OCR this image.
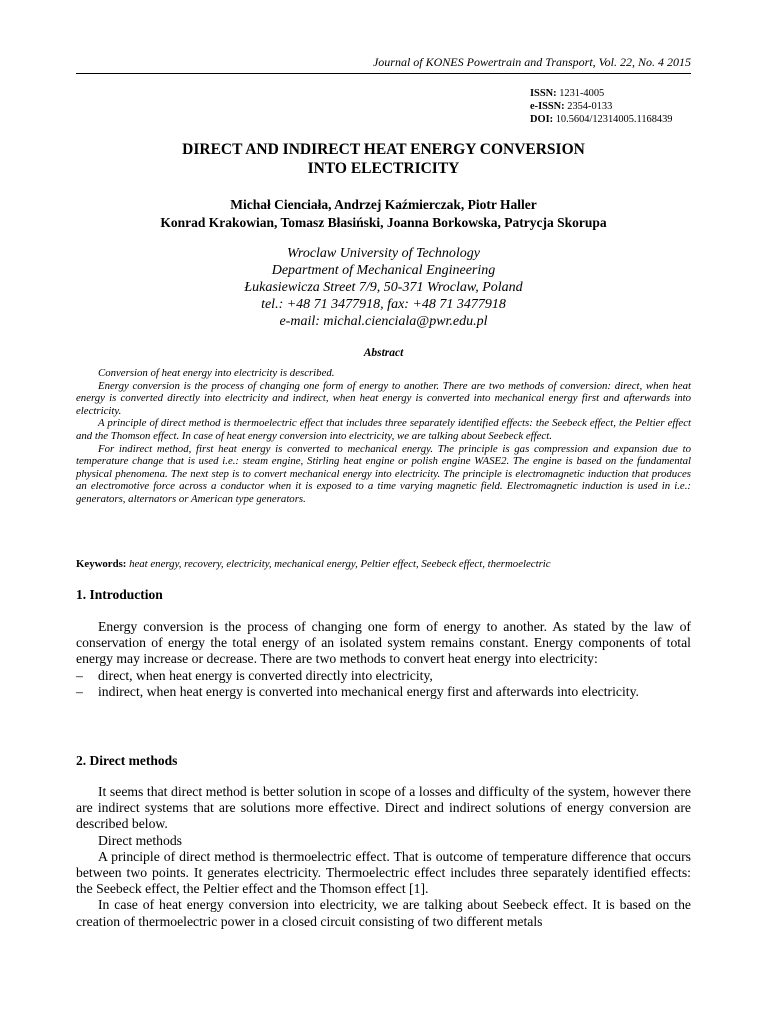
Journal of KONES Powertrain and Transport, Vol. 22, No. 4 2015
ISSN: 1231-4005
e-ISSN: 2354-0133
DOI: 10.5604/12314005.1168439
DIRECT AND INDIRECT HEAT ENERGY CONVERSION
INTO ELECTRICITY
Michał Cienciała, Andrzej Kaźmierczak, Piotr Haller
Konrad Krakowian, Tomasz Błasiński, Joanna Borkowska, Patrycja Skorupa
Wroclaw University of Technology
Department of Mechanical Engineering
Łukasiewicza Street 7/9, 50-371 Wroclaw, Poland
tel.: +48 71 3477918, fax: +48 71 3477918
e-mail: michal.cienciala@pwr.edu.pl
Abstract

Conversion of heat energy into electricity is described.

Energy conversion is the process of changing one form of energy to another. There are two methods of conversion: direct, when heat energy is converted directly into electricity and indirect, when heat energy is converted into mechanical energy first and afterwards into electricity.

A principle of direct method is thermoelectric effect that includes three separately identified effects: the Seebeck effect, the Peltier effect and the Thomson effect. In case of heat energy conversion into electricity, we are talking about Seebeck effect.

For indirect method, first heat energy is converted to mechanical energy. The principle is gas compression and expansion due to temperature change that is used i.e.: steam engine, Stirling heat engine or polish engine WASE2. The engine is based on the fundamental physical phenomena. The next step is to convert mechanical energy into electricity. The principle is electromagnetic induction that produces an electromotive force across a conductor when it is exposed to a time varying magnetic field. Electromagnetic induction is used in i.e.: generators, alternators or American type generators.

Keywords: heat energy, recovery, electricity, mechanical energy, Peltier effect, Seebeck effect, thermoelectric
1. Introduction

Energy conversion is the process of changing one form of energy to another. As stated by the law of conservation of energy the total energy of an isolated system remains constant. Energy components of total energy may increase or decrease. There are two methods to convert heat energy into electricity:

– direct, when heat energy is converted directly into electricity,
– indirect, when heat energy is converted into mechanical energy first and afterwards into electricity.
2. Direct methods

It seems that direct method is better solution in scope of a losses and difficulty of the system, however there are indirect systems that are solutions more effective. Direct and indirect solutions of energy conversion are described below.

Direct methods

A principle of direct method is thermoelectric effect. That is outcome of temperature difference that occurs between two points. It generates electricity. Thermoelectric effect includes three separately identified effects: the Seebeck effect, the Peltier effect and the Thomson effect [1].

In case of heat energy conversion into electricity, we are talking about Seebeck effect. It is based on the creation of thermoelectric power in a closed circuit consisting of two different metals
